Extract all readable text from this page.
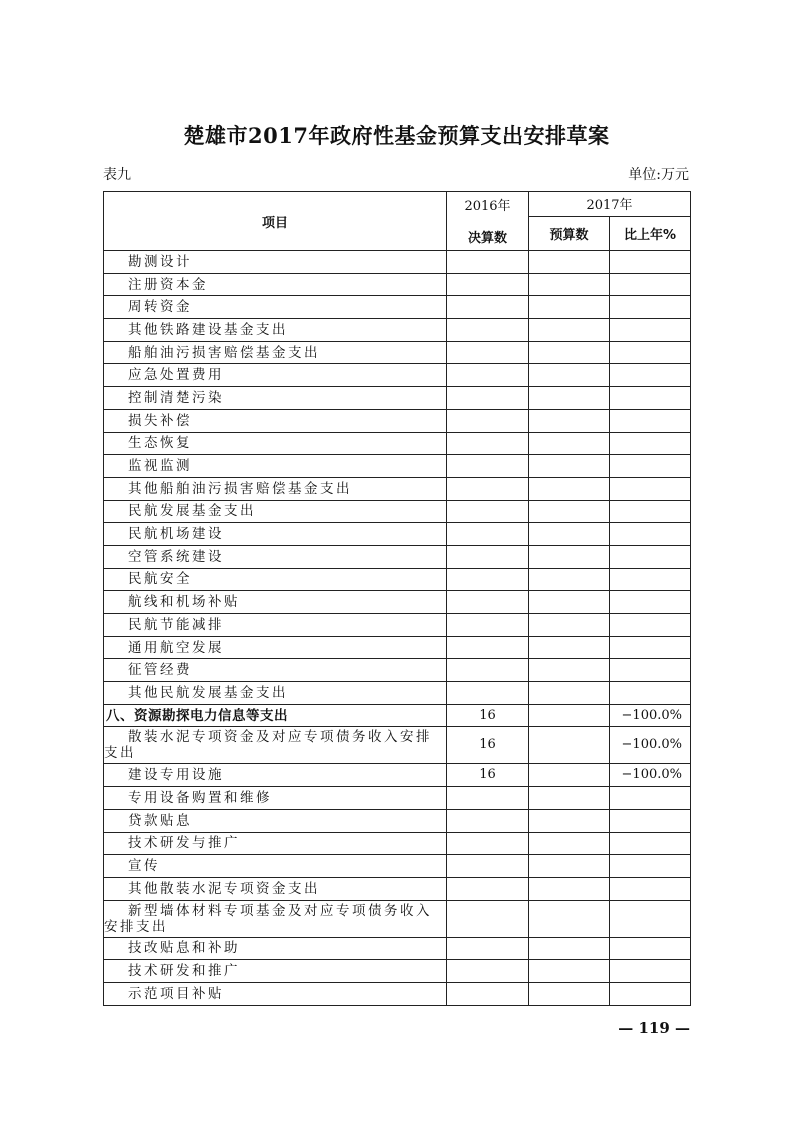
楚雄市2017年政府性基金预算支出安排草案
表九	单位:万元
项目	2016年	2017年	
	决算数	预算数	比上年%
勘测设计			
注册资本金			
周转资金			
其他铁路建设基金支出			
船舶油污损害赔偿基金支出			
应急处置费用			
控制清楚污染			
损失补偿			
生态恢复			
监视监测			
其他船舶油污损害赔偿基金支出			
民航发展基金支出			
民航机场建设			
空管系统建设			
民航安全			
航线和机场补贴			
民航节能减排			
通用航空发展			
征管经费			
其他民航发展基金支出			
八、资源勘探电力信息等支出	16		−100.0%
散装水泥专项资金及对应专项债务收入安排支出	16		−100.0%
建设专用设施	16		−100.0%
专用设备购置和维修			
贷款贴息			
技术研发与推广			
宣传			
其他散装水泥专项资金支出			
新型墙体材料专项基金及对应专项债务收入安排支出			
技改贴息和补助			
技术研发和推广			
示范项目补贴			
— 119 —
